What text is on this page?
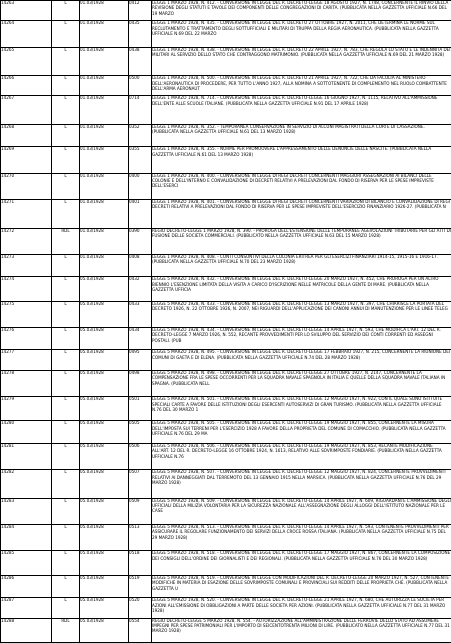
14263	L	01.03/1928	0412	LEGGE 1 MARZO 1928, N. 412. - CONVERSIONE IN LEGGE DEL R. DECRETO-LEGGE 18 AGOSTO 1927, N. 1748, CONCERNENTE IL RINVIO DELLA REVISIONE DEGLI STATUTI E TAVOLE DEI COMPONENTI DELLE CONGREGAZIONI DI CARITA. (PUBBLICATA NELLA GAZZETTA UFFICIALE N.66 DEL 19 MARZO

14264	L	01.03/1928	0435	LEGGE 1 MARZO 1928, N. 435. - CONVERSIONE IN LEGGE DEL R. DECRETO 27 OTTOBRE 1927, N. 2011, CHE DETERMINA LE NORME SUL RECLUTAMENTO E TRATTAMENTO DEGLI SOTTUFFICIALI E MILITARI DI TRUPPA DELLA REGIA AERONAUTICA. (PUBBLICATA NELLA GAZZETTA UFFICIALE N.69 DEL 22 MARZO

14265	L	01.03/1928	0438	LEGGE 1 MARZO 1928, N. 438. - CONVERSIONE IN LEGGE DEL R. DECRETO 22 APRILE 1927, N. 783, CHE REGOLA LO STATO E LE INDENNITA DEI MILITARI AL SERVIZIO DELLO STATO CHE CONTRAGGONO MATRIMONIO. (PUBBLICATA NELLA GAZZETTA UFFICIALE N.69 DEL 21 MARZO 1928)

14266	L	01.03/1928	0500	LEGGE 1 MARZO 1928, N. 500. - CONVERSIONE IN LEGGE DEL R. DECRETO 21 APRILE 1927, N. 722, CHE DA FACOLTA AL MINISTERO DELL'AERONAUTICA DI PROCEDERE, PER TUTTO L'ANNO 1927, ALLA NOMINA A SOTTOTENENTE DI COMPLEMENTO NEL RUOLO COMBATTENTE DELL'ARMA AERONAUT

14267	L	01.03/1928	0714	LEGGE 1 MARZO 1928, N. 714. - CONVERSIONE IN LEGGE DEL R. DECRETO-LEGGE 16 GIUGNO 1927, N. 1115, RELATIVO ALL'AMMISSIONE DELL'ENTE ALLE SCUOLE ITALIANE. (PUBBLICATA NELLA GAZZETTA UFFICIALE N.91 DEL 17 APRILE 1928)

14268	L	01.03/1928	0352	LEGGE 1 MARZO 1928, N. 352. - TEMPORANEA CONSERVAZIONE IN SERVIZIO DI ALCUNI MAGISTRATI DELLA CORTE DI CASSAZIONE. (PUBBLICATA NELLA GAZZETTA UFFICIALE N.61 DEL 13 MARZO 1928)

14269	L	01.03/1928	0355	LEGGE 1 MARZO 1928, N. 355. - NORME PER PROMUOVERE L'APPRESSAMENTO DELLE DENUNCIE DELLE NASCITE. (PUBBLICATA NELLA GAZZETTA UFFICIALE N.61 DEL 13 MARZO 1928)

14270	L	01.03/1928	0400	LEGGE 1 MARZO 1928, N. 400. - CONVERSIONE IN LEGGE DI REGI DECRETI CONCERNENTI MAGGIORI ASSEGNAZIONI AI BILANCI DELLE COLONIE E DELL'INTERNO E CONVALIDAZIONE DI DECRETI RELATIVI A PRELEVAZIONI DAL FONDO DI RISERVA PER LE SPESE IMPREVISTE DELL'ESERCI

14271	L	01.03/1928	0401	LEGGE 1 MARZO 1928, N. 401. - CONVERSIONE IN LEGGE DI REGI DECRETI CONCERNENTI VARIAZIONI DI BILANCIO E CONVALIDAZIONE DI REGI DECRETI RELATIVI A PRELEVAZIONI DAL FONDO DI RISERVA PER LE SPESE IMPREVISTE DELL'ESERCIZIO FINANZIARIO 1926-27. (PUBBLICATA N

14272	RDL	01.03/1928	0390	REGIO DECRETO-LEGGE 1 MARZO 1928, N. 390. - PROROGA DELL'ESTENSIONE DELLE TEMPORANEE AGEVOLAZIONI TRIBUTARIE PER GLI ATTI DI FUSIONE DELLE SOCIETA COMMERCIALI. (PUBBLICATO NELLA GAZZETTA UFFICIALE N.63 DEL 15 MARZO 1928)

14273	L	01.03/1928	0408	LEGGE 1 MARZO 1928, N. 408. - CONTI CONSUNTIVI DELLA COLONIA ERITREA PER GLI ESERCIZI FINANZIARI 1914-15, 1915-16 E 1916-17. (PUBBLICATA NELLA GAZZETTA UFFICIALE N.70 DEL 23 MARZO 1928)

14274	L	05.03/1928	0432	LEGGE 5 MARZO 1928, N. 432. - CONVERSIONE IN LEGGE DEL R. DECRETO-LEGGE 20 MARZO 1927, N. 452, CHE PROROGA PER UN ALTRO BIENNIO L'ESENZIONE LIMITATA DELLA VISITA A CARICO D'ISCRIZIONE NELLE MATRICOLE DELLA GENTE DI MARE. (PUBBLICATA NELLA GAZZETTA UFFICIA

14275	L	05.03/1928	0433	LEGGE 5 MARZO 1928, N. 433. - CONVERSIONE IN LEGGE DEL R. DECRETO-LEGGE 13 MARZO 1927, N. 397, CHE CHIARISCE LA PORTATA DEL DECRETO 1926, N. 22 OTTOBRE 1926, N. 2007, NEI RIGUARDI DELL'APPLICAZIONE DEI CANONI ANNUI DI MANUTENZIONE PER LE LINEE TELEG

14276	L	05.03/1928	0434	LEGGE 5 MARZO 1928, N. 434. - CONVERSIONE IN LEGGE DEL R. DECRETO-LEGGE 14 APRILE 1927, N. 593, CHE MODIFICA L'ART. 12 DEL R. DECRETO-LEGGE 7 MARZO 1926, N. 552, RECANTE PROVVEDIMENTI PER LO SVILUPPO DEL SERVIZIO DEI CONTI CORRENTI ED ASSEGNI POSTALI. (PUB

14277	L	05.03/1928	0495	LEGGE 5 MARZO 1928, N. 495. - CONVERSIONE IN LEGGE DEL R. DECRETO-LEGGE 17 FEBBRAIO 1927, N. 215, CONCERNENTE LA RIUNIONE DEI COMUNI DI GAETA E DI ELENA. (PUBBLICATA NELLA GAZZETTA UFFICIALE N.74 DEL 28 MARZO 1928)

14278	L	05.03/1928	0498	LEGGE 5 MARZO 1928, N. 498. - CONVERSIONE IN LEGGE DEL R. DECRETO-LEGGE 27 OTTOBRE 1927, N. 2147, CONCERNENTE LA COMPENSAZIONE FRA LE SPESE OCCORRENTI PER LA SQUADRA NAVALE SPAGNOLA IN ITALIA E QUELLE DELLA SQUADRA NAVALE ITALIANA IN SPAGNA. (PUBBLICATA NELL

14279	L	05.03/1928	0501	LEGGE 5 MARZO 1928, N. 501. - CONVERSIONE IN LEGGE DEL R. DECRETO-LEGGE 12 MAGGIO 1927, N. 922, CON IL QUALE SONO ISTITUITE SPECIALI CARTE A FAVORE DELLE ISTITUZIONI DEGLI ESERCENTI AUTOSERVIZI DI GRAN TURISMO. (PUBBLICATA NELLA GAZZETTA UFFICIALE N.76 DEL 30 MARZO 1

14280	L	05.03/1928	0505	LEGGE 5 MARZO 1928, N. 505. - CONVERSIONE IN LEGGE DEL R. DECRETO-LEGGE 19 MAGGIO 1927, N. 855, CONCERNENTE LA MISURA DELL'IMPOSTA SUI TERRENI PER L'ESERCIZIO 1928 A FAVORE DELLA PROPRIETA DEL COMUNE DI COMACCHIO. (PUBBLICATA NELLA GAZZETTA UFFICIALE N.76 DEL 29 MA

14281	L	05.03/1928	0506	LEGGE 5 MARZO 1928, N. 506. - CONVERSIONE IN LEGGE DEL R. DECRETO-LEGGE 19 MAGGIO 1927, N. 853, RECANTE MODIFICAZIONE ALL'ART. 12 DEL R. DECRETO-LEGGE 16 OTTOBRE 1924, N. 1613, RELATIVO ALLE SOVRIMPOSTE FONDIARIE. (PUBBLICATA NELLA GAZZETTA UFFICIALE N.76

14282	L	05.03/1928	0507	LEGGE 5 MARZO 1928, N. 507. - CONVERSIONE IN LEGGE DEL R. DECRETO-LEGGE 12 MAGGIO 1927, N. 824, CONCERNENTE PROVVEDIMENTI RELATIVI AI DANNEGGIATI DAL TERREMOTO DEL 13 GENNAIO 1915 NELLA MARSICA. (PUBBLICATA NELLA GAZZETTA UFFICIALE N.76 DEL 29 MARZO 1928)

14283	L	05.03/1928	0509	LEGGE 5 MARZO 1928, N. 509. - CONVERSIONE IN LEGGE DEL R. DECRETO-LEGGE 14 APRILE 1927, N. 609, RIGUARDANTE L'AMMISSIONE DEGLI UFFICIALI DELLA MILIZIA VOLONTARIA PER LA SICUREZZA NAZIONALE ALL'ASSEGNAZIONE DEGLI ALLOGGI DELL'ISTITUTO NAZIONALE PER LE CASE

14284	L	05.03/1928	0513	LEGGE 5 MARZO 1928, N. 513. - CONVERSIONE IN LEGGE DEL R. DECRETO-LEGGE 14 APRILE 1927, N. 593, CONTENENTE PROVVEDIMENTI PER ASSICURARE IL REGOLARE FUNZIONAMENTO DEI SERVIZI DELLA CROCE ROSSA ITALIANA. (PUBBLICATA NELLA GAZZETTA UFFICIALE N.75 DEL 29 MARZO 1928)

14285	L	05.03/1928	0518	LEGGE 5 MARZO 1928, N. 518. - CONVERSIONE IN LEGGE DEL R. DECRETO-LEGGE 17 MAGGIO 1927, N. 867, CONCERNENTE LA COMPOSIZIONE DEI CONSIGLI DELL'ORDINE DEI GIORNALISTI E DEI REGIONALI. (PUBBLICATA NELLA GAZZETTA UFFICIALE N.76 DEL 30 MARZO 1928)

14286	L	05.03/1928	0519	LEGGE 5 MARZO 1928, N. 519. - CONVERSIONE IN LEGGE CON MODIFICAZIONI DEL R. DECRETO-LEGGE 20 MARZO 1927, N. 527, CONTENENTE MODIFICHE IN MATERIA DI ESAZIONE DELLE SOVRIMPOSTE COMUNALI E PROVINCIALI SUI REDDITI DELLE PROPRIETA CHE. (PUBBLICATA NELLA GAZZETTA U

14287	L	05.03/1928	0520	LEGGE 5 MARZO 1928, N. 520. - CONVERSIONE IN LEGGE DEL R. DECRETO-LEGGE 21 APRILE 1927, N. 680, CHE AUTORIZZA LE SOCIETA PER AZIONI ALL'EMISSIONE DI OBBLIGAZIONI A PARTE DELLE SOCIETA PER AZIONI. (PUBBLICATA NELLA GAZZETTA UFFICIALE N.77 DEL 31 MARZO 1928)

14288	RDL	05.03/1928	0554	REGIO DECRETO-LEGGE 5 MARZO 1928, N. 554. - AUTORIZZAZIONE ALL'AMMINISTRAZIONE DELLE FERROVIE DELLO STATO AD ASSUMERE IMPEGNI PER SPESE PATRIMONIALI PER L'IMPORTO DI SEICENTOTRENTA MILIONI DI LIRE. (PUBBLICATO NELLA GAZZETTA UFFICIALE N.77 DEL 31 MARZO 1928)
